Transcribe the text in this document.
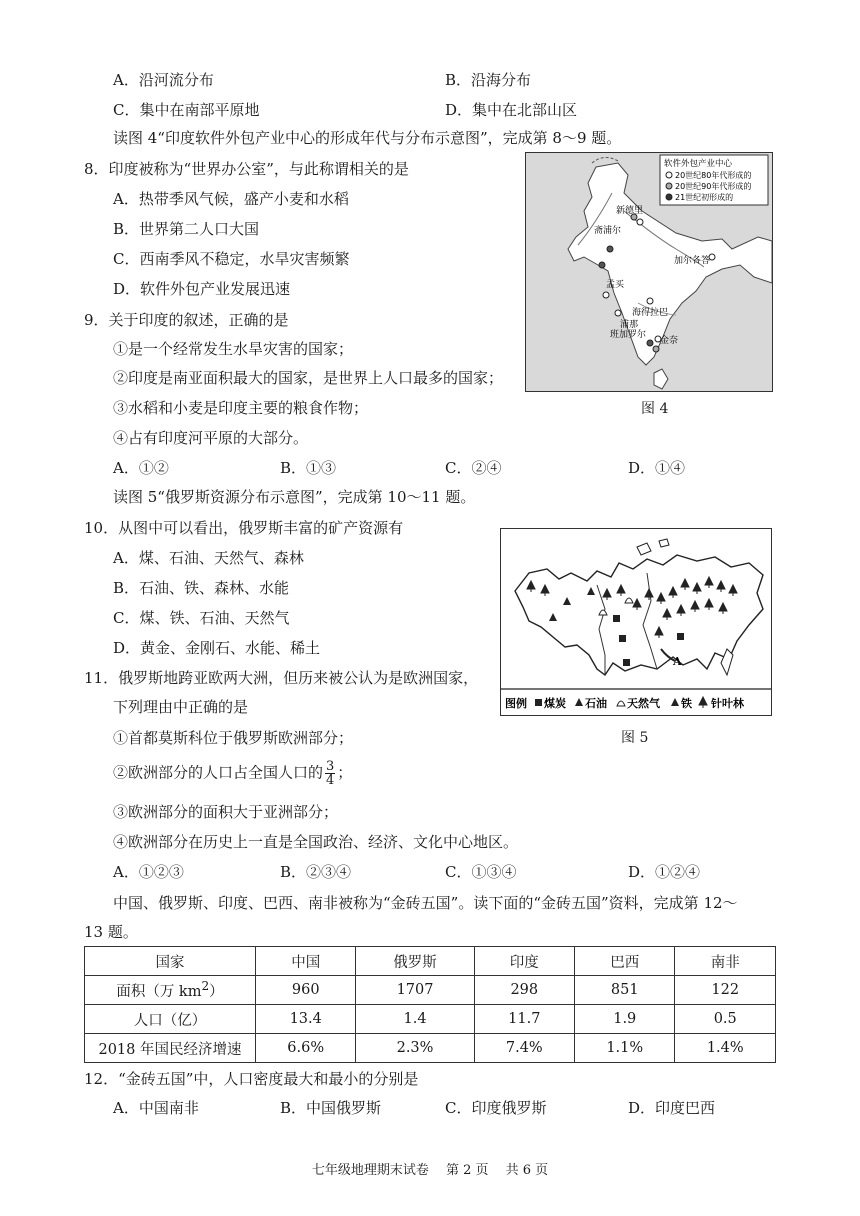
A．沿河流分布	B．沿海分布
C．集中在南部平原地	D．集中在北部山区
读图 4“印度软件外包产业中心的形成年代与分布示意图”，完成第 8～9 题。
8．印度被称为“世界办公室”，与此称谓相关的是
A．热带季风气候，盛产小麦和水稻
B．世界第二人口大国
C．西南季风不稳定，水旱灾害频繁
D．软件外包产业发展迅速
9．关于印度的叙述，正确的是
①是一个经常发生水旱灾害的国家；
②印度是南亚面积最大的国家，是世界上人口最多的国家；
③水稻和小麦是印度主要的粮食作物；
④占有印度河平原的大部分。
A．①②	B．①③	C．②④	D．①④
软件外包产业中心
20世纪80年代形成的
20世纪90年代形成的
21世纪初形成的
新德里
斋浦尔
加尔各答
孟买
浦那
海得拉巴
班加罗尔
金奈
图 4
读图 5“俄罗斯资源分布示意图”，完成第 10～11 题。
10．从图中可以看出，俄罗斯丰富的矿产资源有
A．煤、石油、天然气、森林
B．石油、铁、森林、水能
C．煤、铁、石油、天然气
D．黄金、金刚石、水能、稀土
A
图例 煤炭 石油 天然气 铁 针叶林
图 5
11．俄罗斯地跨亚欧两大洲，但历来被公认为是欧洲国家，
下列理由中正确的是
①首都莫斯科位于俄罗斯欧洲部分；
②欧洲部分的人口占全国人口的 $\frac{3}{4}$ ；
③欧洲部分的面积大于亚洲部分；
④欧洲部分在历史上一直是全国政治、经济、文化中心地区。
A．①②③	B．②③④	C．①③④	D．①②④
中国、俄罗斯、印度、巴西、南非被称为“金砖五国”。读下面的“金砖五国”资料，完成第 12～
13 题。
国家	中国	俄罗斯	印度	巴西	南非
面积（万 $km^2$）	960	1707	298	851	122
人口（亿）	13.4	1.4	11.7	1.9	0.5
2018 年国民经济增速	6.6%	2.3%	7.4%	1.1%	1.4%
12．“金砖五国”中，人口密度最大和最小的分别是
A．中国南非	B．中国俄罗斯	C．印度俄罗斯	D．印度巴西
七年级地理期末试卷　 第 2 页　 共 6 页
